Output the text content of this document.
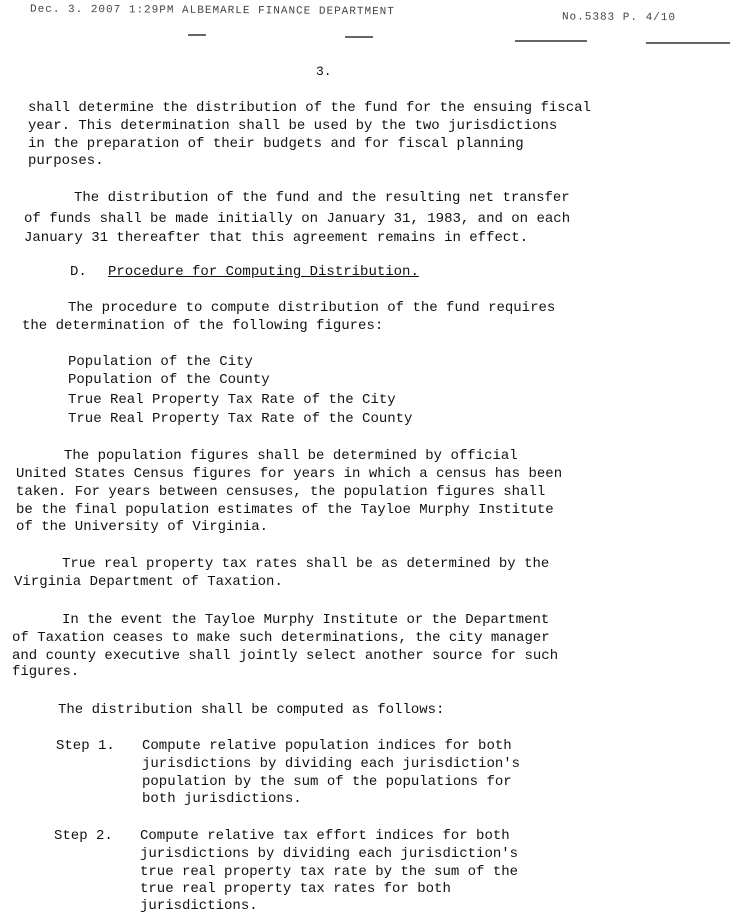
Dec. 3. 2007 1:29PM ALBEMARLE FINANCE DEPARTMENT	No.5383 P. 4/10
3.
shall determine the distribution of the fund for the ensuing fiscal
year. This determination shall be used by the two jurisdictions
in the preparation of their budgets and for fiscal planning
purposes.
The distribution of the fund and the resulting net transfer
of funds shall be made initially on January 31, 1983, and on each
January 31 thereafter that this agreement remains in effect.
D. Procedure for Computing Distribution.
The procedure to compute distribution of the fund requires
the determination of the following figures:
Population of the City
Population of the County
True Real Property Tax Rate of the City
True Real Property Tax Rate of the County
The population figures shall be determined by official
United States Census figures for years in which a census has been
taken. For years between censuses, the population figures shall
be the final population estimates of the Tayloe Murphy Institute
of the University of Virginia.
True real property tax rates shall be as determined by the
Virginia Department of Taxation.
In the event the Tayloe Murphy Institute or the Department
of Taxation ceases to make such determinations, the city manager
and county executive shall jointly select another source for such
figures.
The distribution shall be computed as follows:
Step 1. Compute relative population indices for both
jurisdictions by dividing each jurisdiction's
population by the sum of the populations for
both jurisdictions.
Step 2. Compute relative tax effort indices for both
jurisdictions by dividing each jurisdiction's
true real property tax rate by the sum of the
true real property tax rates for both
jurisdictions.
